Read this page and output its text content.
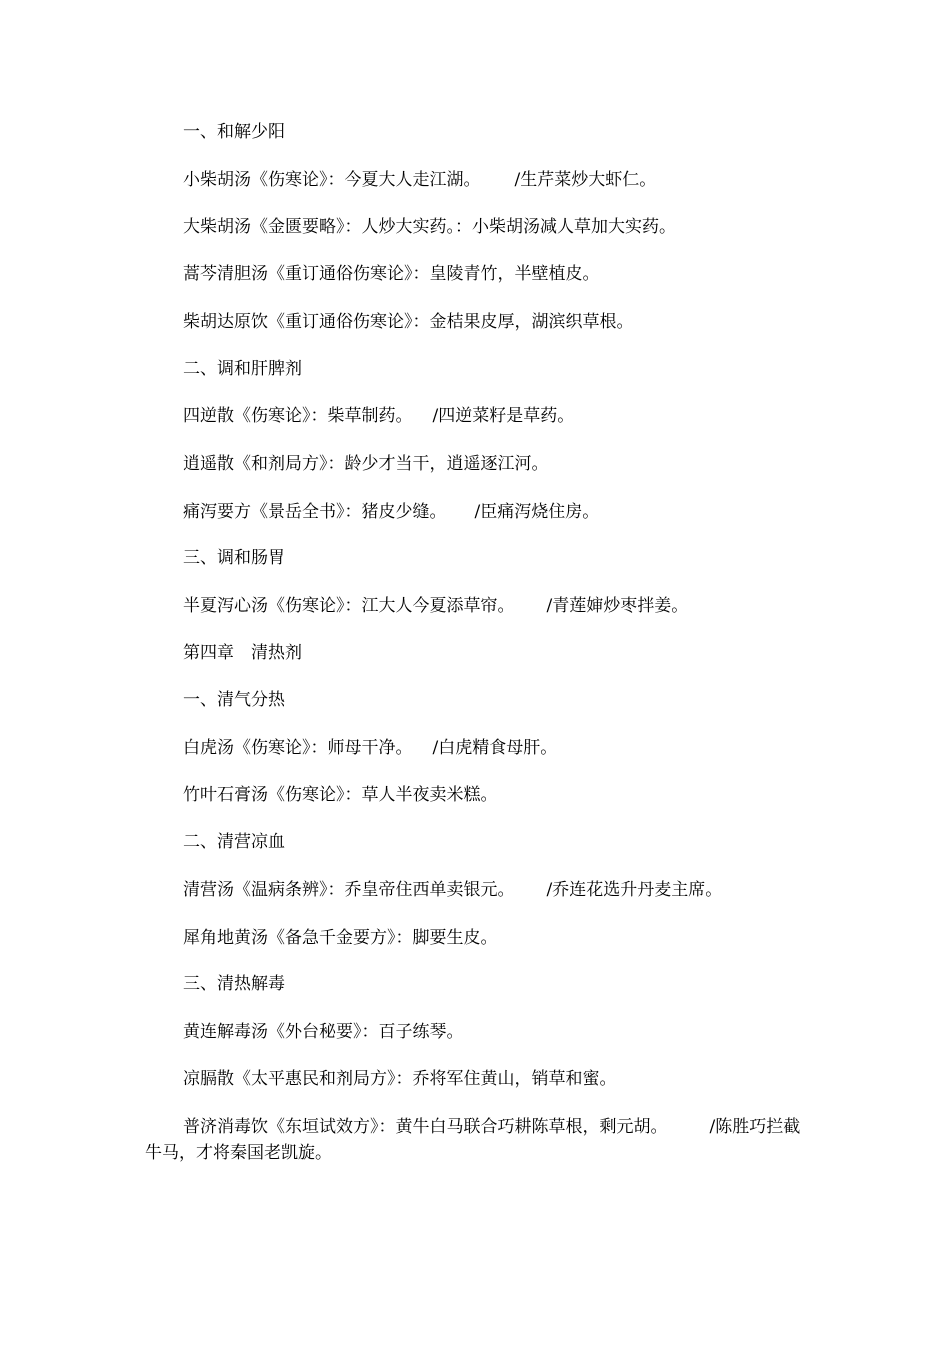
一、和解少阳

小柴胡汤《伤寒论》：今夏大人走江湖。 /生芹菜炒大虾仁。

大柴胡汤《金匮要略》：人炒大实药。：小柴胡汤减人草加大实药。

蒿芩清胆汤《重订通俗伤寒论》：皇陵青竹，半壁植皮。

柴胡达原饮《重订通俗伤寒论》：金桔果皮厚，湖滨织草根。

二、调和肝脾剂

四逆散《伤寒论》：柴草制药。 /四逆菜籽是草药。

逍遥散《和剂局方》：龄少才当干，逍遥逐江河。

痛泻要方《景岳全书》：猪皮少缝。 /臣痛泻烧住房。

三、调和肠胃

半夏泻心汤《伤寒论》：江大人今夏添草帘。 /青莲婶炒枣拌姜。

第四章　清热剂

一、清气分热

白虎汤《伤寒论》：师母干净。 /白虎精食母肝。

竹叶石膏汤《伤寒论》：草人半夜卖米糕。

二、清营凉血

清营汤《温病条辨》：乔皇帝住西单卖银元。 /乔连花选升丹麦主席。

犀角地黄汤《备急千金要方》：脚要生皮。

三、清热解毒

黄连解毒汤《外台秘要》：百子练琴。

凉膈散《太平惠民和剂局方》：乔将军住黄山，销草和蜜。

普济消毒饮《东垣试效方》：黄牛白马联合巧耕陈草根，剩元胡。 /陈胜巧拦截牛马，才将秦国老凯旋。
